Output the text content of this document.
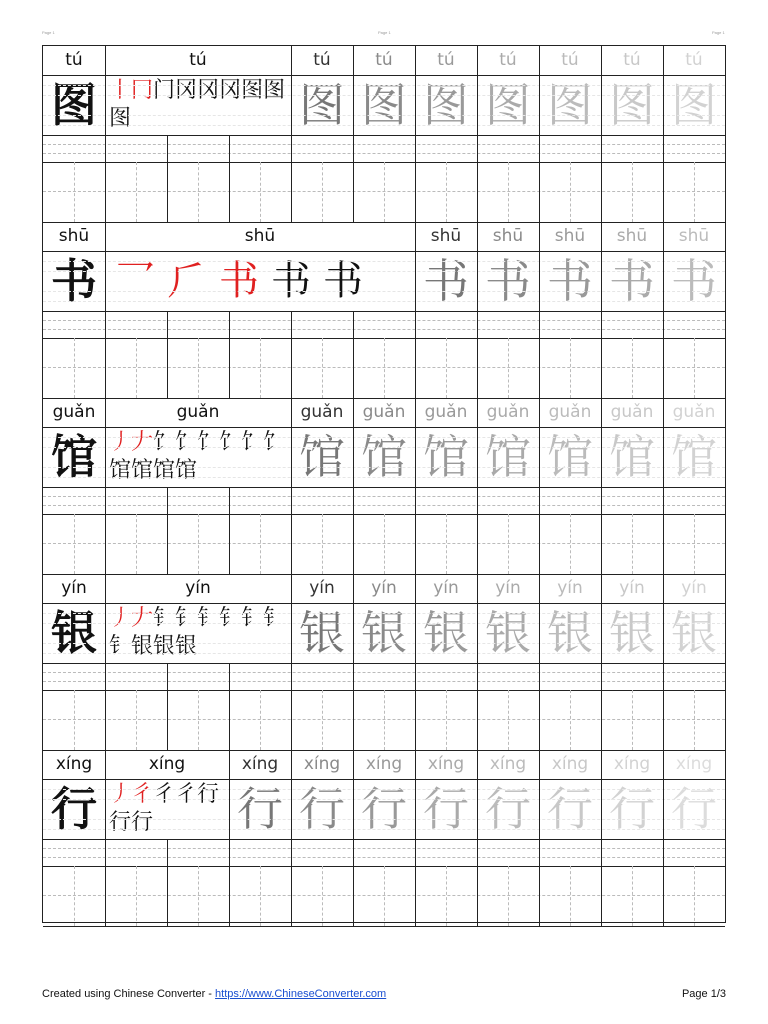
Page 1	Page 1	Page 1
tú	tú	tú	tú	tú	tú	tú	tú	tú
图 丨冂门冈冈冈图图图	图 图 图 图 图 图 图
shū	shū	shū	shū	shū	shū	shū
书 乛⺁书书书	书 书 书 书 书
guǎn	guǎn	guǎn	guǎn	guǎn	guǎn	guǎn	guǎn	guǎn
馆 丿𠂇饣饣饣饣饣饣馆馆馆馆	馆 馆 馆 馆 馆 馆 馆
yín	yín	yín	yín	yín	yín	yín	yín	yín
银 丿𠂇钅钅钅钅钅钅钅银银银	银 银 银 银 银 银 银
xíng	xíng	xíng	xíng	xíng	xíng	xíng	xíng	xíng	xíng
行 丿彳彳彳行行行	行 行 行 行 行 行 行 行
Created using Chinese Converter - https://www.ChineseConverter.com	Page 1/3
